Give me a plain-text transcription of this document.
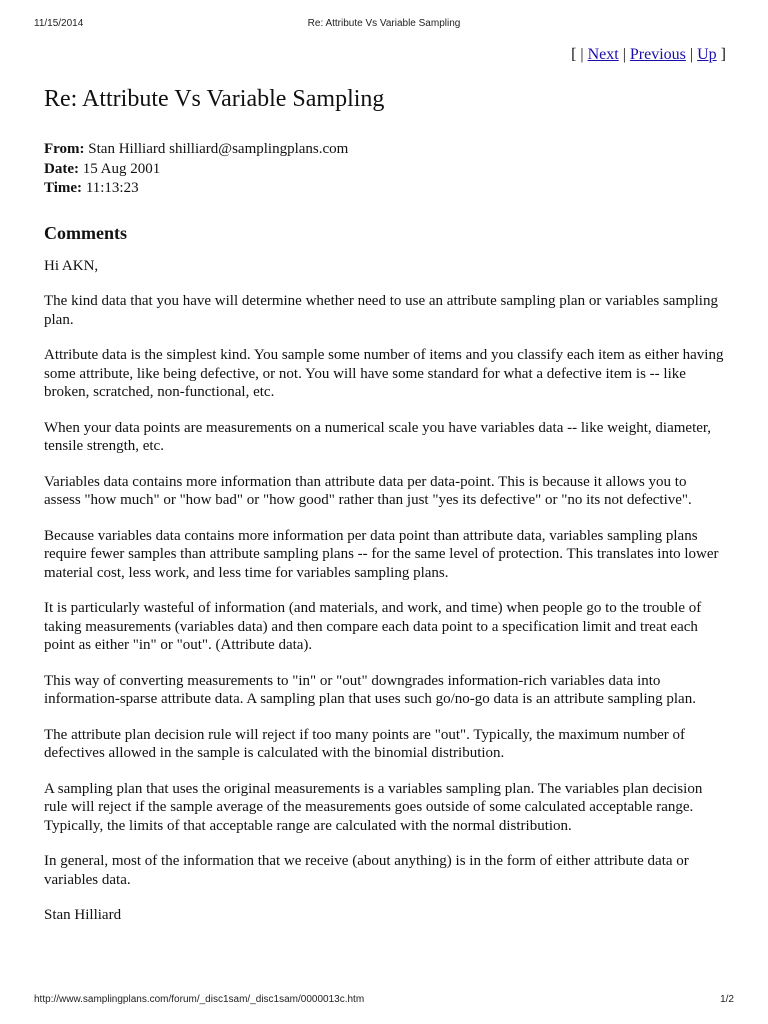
11/15/2014	Re: Attribute Vs Variable Sampling
[ | Next | Previous | Up ]
Re: Attribute Vs Variable Sampling
From: Stan Hilliard shilliard@samplingplans.com
Date: 15 Aug 2001
Time: 11:13:23
Comments

Hi AKN,

The kind data that you have will determine whether need to use an attribute sampling plan or variables sampling plan.

Attribute data is the simplest kind. You sample some number of items and you classify each item as either having some attribute, like being defective, or not. You will have some standard for what a defective item is -- like broken, scratched, non-functional, etc.

When your data points are measurements on a numerical scale you have variables data -- like weight, diameter, tensile strength, etc.

Variables data contains more information than attribute data per data-point. This is because it allows you to assess "how much" or "how bad" or "how good" rather than just "yes its defective" or "no its not defective".

Because variables data contains more information per data point than attribute data, variables sampling plans require fewer samples than attribute sampling plans -- for the same level of protection. This translates into lower material cost, less work, and less time for variables sampling plans.

It is particularly wasteful of information (and materials, and work, and time) when people go to the trouble of taking measurements (variables data) and then compare each data point to a specification limit and treat each point as either "in" or "out". (Attribute data).

This way of converting measurements to "in" or "out" downgrades information-rich variables data into information-sparse attribute data. A sampling plan that uses such go/no-go data is an attribute sampling plan.

The attribute plan decision rule will reject if too many points are "out". Typically, the maximum number of defectives allowed in the sample is calculated with the binomial distribution.

A sampling plan that uses the original measurements is a variables sampling plan. The variables plan decision rule will reject if the sample average of the measurements goes outside of some calculated acceptable range. Typically, the limits of that acceptable range are calculated with the normal distribution.

In general, most of the information that we receive (about anything) is in the form of either attribute data or variables data.

Stan Hilliard

http://www.samplingplans.com/forum/_disc1sam/_disc1sam/0000013c.htm	1/2
